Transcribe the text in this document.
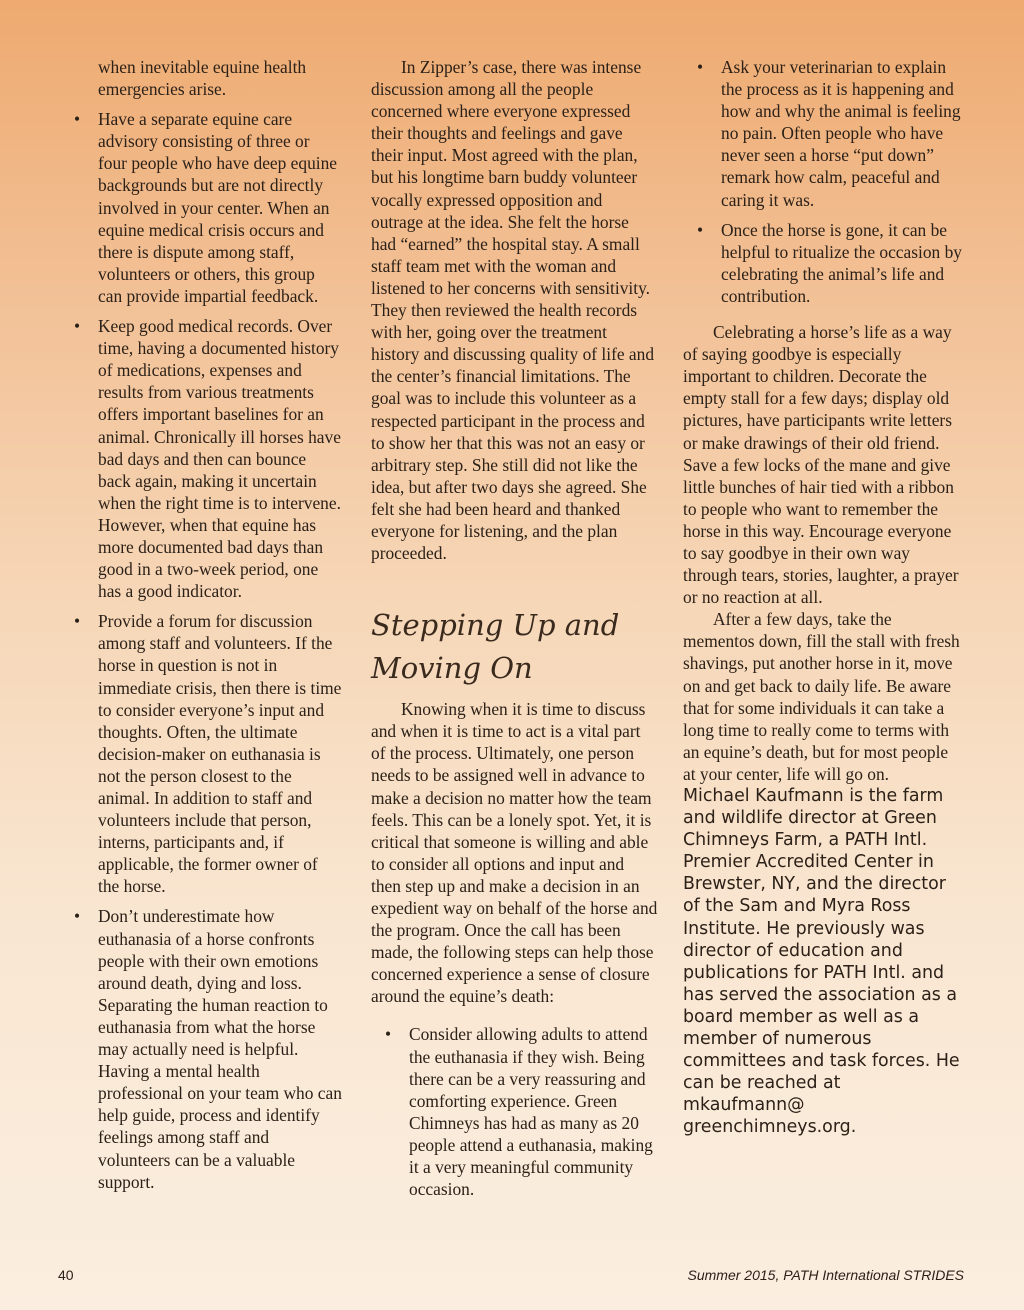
when inevitable equine health emergencies arise.

• Have a separate equine care advisory consisting of three or four people who have deep equine backgrounds but are not directly involved in your center. When an equine medical crisis occurs and there is dispute among staff, volunteers or others, this group can provide impartial feedback.
• Keep good medical records. Over time, having a documented history of medications, expenses and results from various treatments offers important baselines for an animal. Chronically ill horses have bad days and then can bounce back again, making it uncertain when the right time is to intervene. However, when that equine has more documented bad days than good in a two-week period, one has a good indicator.
• Provide a forum for discussion among staff and volunteers. If the horse in question is not in immediate crisis, then there is time to consider everyone’s input and thoughts. Often, the ultimate decision-maker on euthanasia is not the person closest to the animal. In addition to staff and volunteers include that person, interns, participants and, if applicable, the former owner of the horse.
• Don’t underestimate how euthanasia of a horse confronts people with their own emotions around death, dying and loss. Separating the human reaction to euthanasia from what the horse may actually need is helpful. Having a mental health professional on your team who can help guide, process and identify feelings among staff and volunteers can be a valuable support.

In Zipper’s case, there was intense discussion among all the people concerned where everyone expressed their thoughts and feelings and gave their input. Most agreed with the plan, but his longtime barn buddy volunteer vocally expressed opposition and outrage at the idea. She felt the horse had “earned” the hospital stay. A small staff team met with the woman and listened to her concerns with sensitivity. They then reviewed the health records with her, going over the treatment history and discussing quality of life and the center’s financial limitations. The goal was to include this volunteer as a respected participant in the process and to show her that this was not an easy or arbitrary step. She still did not like the idea, but after two days she agreed. She felt she had been heard and thanked everyone for listening, and the plan proceeded.

Stepping Up and
Moving On

Knowing when it is time to discuss and when it is time to act is a vital part of the process. Ultimately, one person needs to be assigned well in advance to make a decision no matter how the team feels. This can be a lonely spot. Yet, it is critical that someone is willing and able to consider all options and input and then step up and make a decision in an expedient way on behalf of the horse and the program. Once the call has been made, the following steps can help those concerned experience a sense of closure around the equine’s death:

• Consider allowing adults to attend the euthanasia if they wish. Being there can be a very reassuring and comforting experience. Green Chimneys has had as many as 20 people attend a euthanasia, making it a very meaningful community occasion.
• Ask your veterinarian to explain the process as it is happening and how and why the animal is feeling no pain. Often people who have never seen a horse “put down” remark how calm, peaceful and caring it was.
• Once the horse is gone, it can be helpful to ritualize the occasion by celebrating the animal’s life and contribution.

Celebrating a horse’s life as a way of saying goodbye is especially important to children. Decorate the empty stall for a few days; display old pictures, have participants write letters or make drawings of their old friend. Save a few locks of the mane and give little bunches of hair tied with a ribbon to people who want to remember the horse in this way. Encourage everyone to say goodbye in their own way through tears, stories, laughter, a prayer or no reaction at all.

After a few days, take the mementos down, fill the stall with fresh shavings, put another horse in it, move on and get back to daily life. Be aware that for some individuals it can take a long time to really come to terms with an equine’s death, but for most people at your center, life will go on.

Michael Kaufmann is the farm and wildlife director at Green Chimneys Farm, a PATH Intl. Premier Accredited Center in Brewster, NY, and the director of the Sam and Myra Ross Institute. He previously was director of education and publications for PATH Intl. and has served the association as a board member as well as a member of numerous committees and task forces. He can be reached at mkaufmann@ greenchimneys.org.

40	Summer 2015, PATH International STRIDES
